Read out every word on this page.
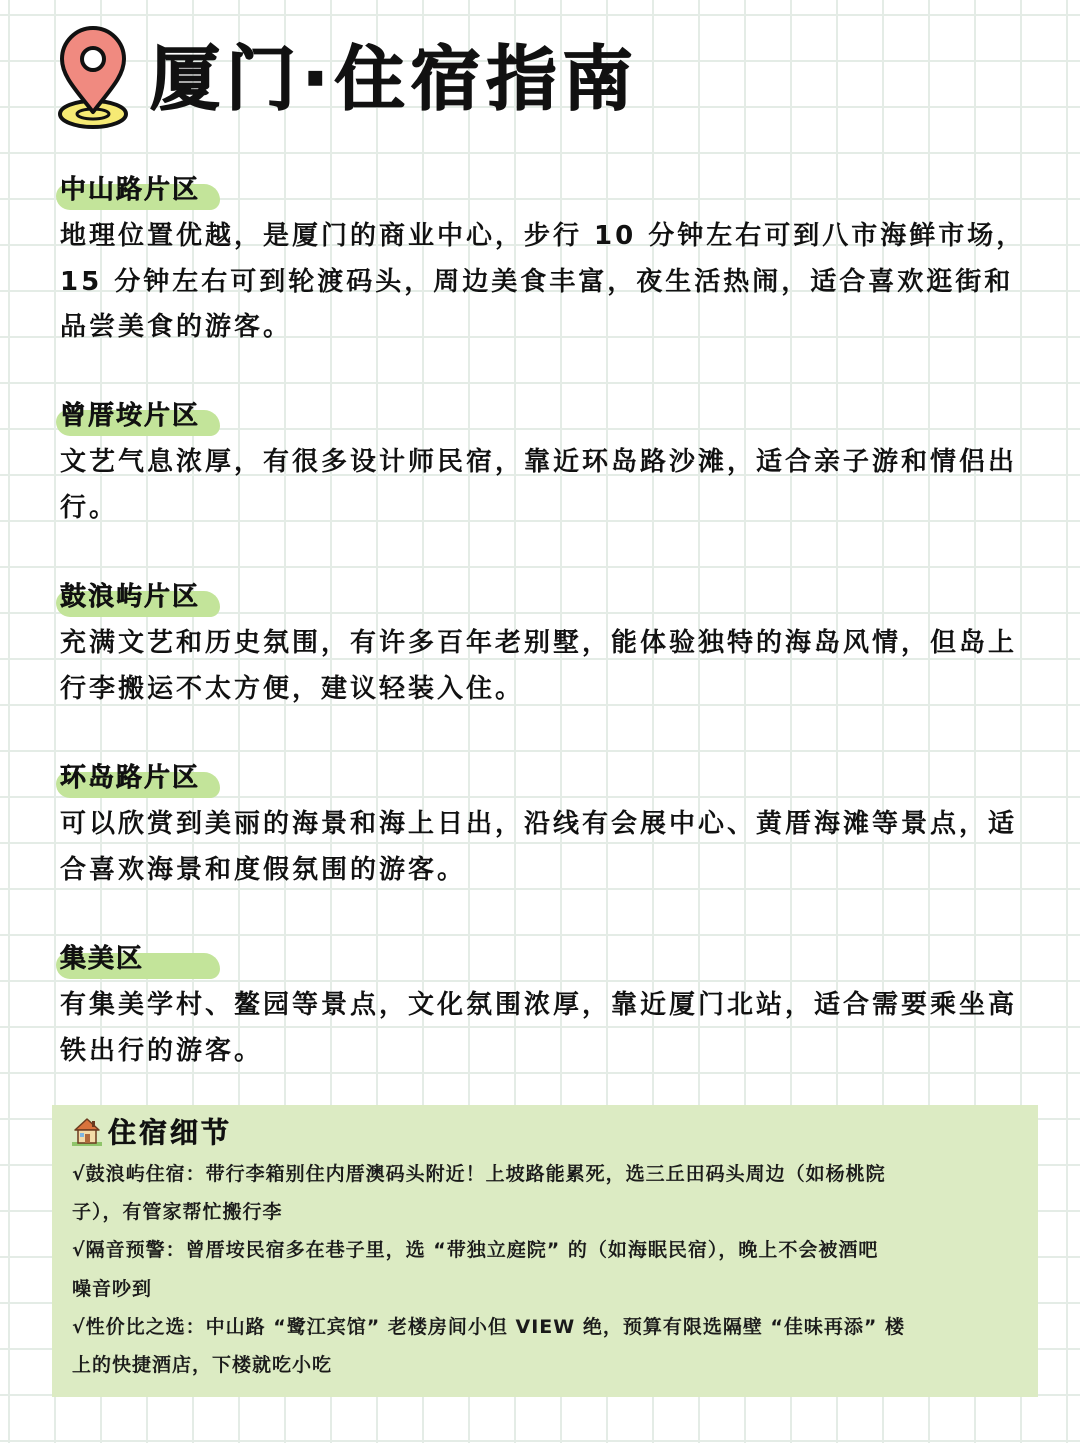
厦门·住宿指南
中山路片区

地理位置优越，是厦门的商业中心，步行 10 分钟左右可到八市海鲜市场，15 分钟左右可到轮渡码头，周边美食丰富，夜生活热闹，适合喜欢逛街和品尝美食的游客。

曾厝垵片区

文艺气息浓厚，有很多设计师民宿，靠近环岛路沙滩，适合亲子游和情侣出行。

鼓浪屿片区

充满文艺和历史氛围，有许多百年老别墅，能体验独特的海岛风情，但岛上行李搬运不太方便，建议轻装入住。

环岛路片区

可以欣赏到美丽的海景和海上日出，沿线有会展中心、黄厝海滩等景点，适合喜欢海景和度假氛围的游客。

集美区

有集美学村、鳌园等景点，文化氛围浓厚，靠近厦门北站，适合需要乘坐高铁出行的游客。

住宿细节
√鼓浪屿住宿：带行李箱别住内厝澳码头附近！上坡路能累死，选三丘田码头周边（如杨桃院
子），有管家帮忙搬行李
√隔音预警：曾厝垵民宿多在巷子里，选 “带独立庭院” 的（如海眠民宿），晚上不会被酒吧
噪音吵到
√性价比之选：中山路 “鹭江宾馆” 老楼房间小但 VIEW 绝，预算有限选隔壁 “佳味再添” 楼
上的快捷酒店，下楼就吃小吃
